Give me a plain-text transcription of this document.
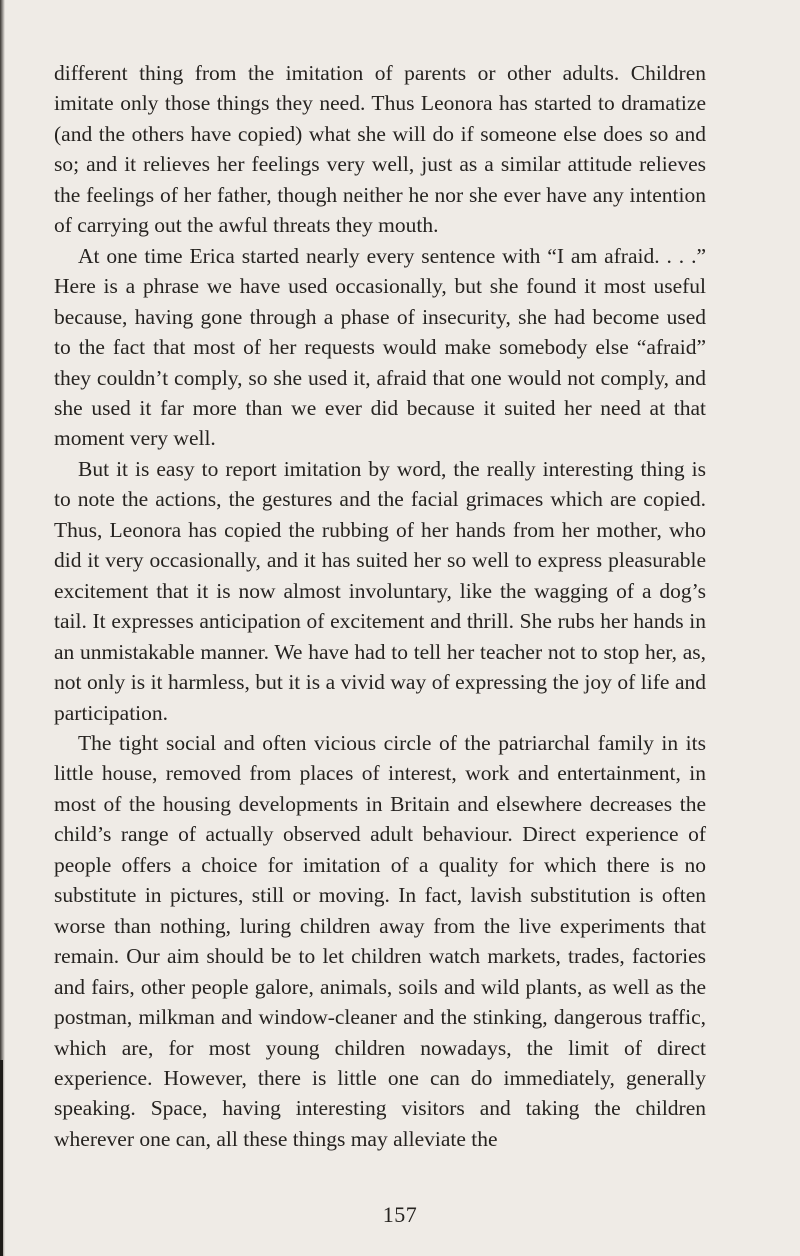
different thing from the imitation of parents or other adults. Children imitate only those things they need. Thus Leonora has started to dramatize (and the others have copied) what she will do if someone else does so and so; and it relieves her feelings very well, just as a similar attitude relieves the feelings of her father, though neither he nor she ever have any intention of carrying out the awful threats they mouth.

At one time Erica started nearly every sentence with “I am afraid. . . .” Here is a phrase we have used occasionally, but she found it most useful because, having gone through a phase of insecurity, she had become used to the fact that most of her requests would make somebody else “afraid” they couldn’t comply, so she used it, afraid that one would not comply, and she used it far more than we ever did because it suited her need at that moment very well.

But it is easy to report imitation by word, the really interesting thing is to note the actions, the gestures and the facial grimaces which are copied. Thus, Leonora has copied the rubbing of her hands from her mother, who did it very occasionally, and it has suited her so well to express pleasurable excitement that it is now almost involuntary, like the wagging of a dog’s tail. It expresses anticipation of excitement and thrill. She rubs her hands in an unmistakable manner. We have had to tell her teacher not to stop her, as, not only is it harmless, but it is a vivid way of expressing the joy of life and participation.

The tight social and often vicious circle of the patriarchal family in its little house, removed from places of interest, work and entertainment, in most of the housing developments in Britain and elsewhere decreases the child’s range of actually observed adult behaviour. Direct experience of people offers a choice for imitation of a quality for which there is no substitute in pictures, still or moving. In fact, lavish substitution is often worse than nothing, luring children away from the live experiments that remain. Our aim should be to let children watch markets, trades, factories and fairs, other people galore, animals, soils and wild plants, as well as the postman, milkman and window-cleaner and the stinking, dangerous traffic, which are, for most young children nowadays, the limit of direct experience. However, there is little one can do immediately, generally speaking. Space, having interesting visitors and taking the children wherever one can, all these things may alleviate the

157
